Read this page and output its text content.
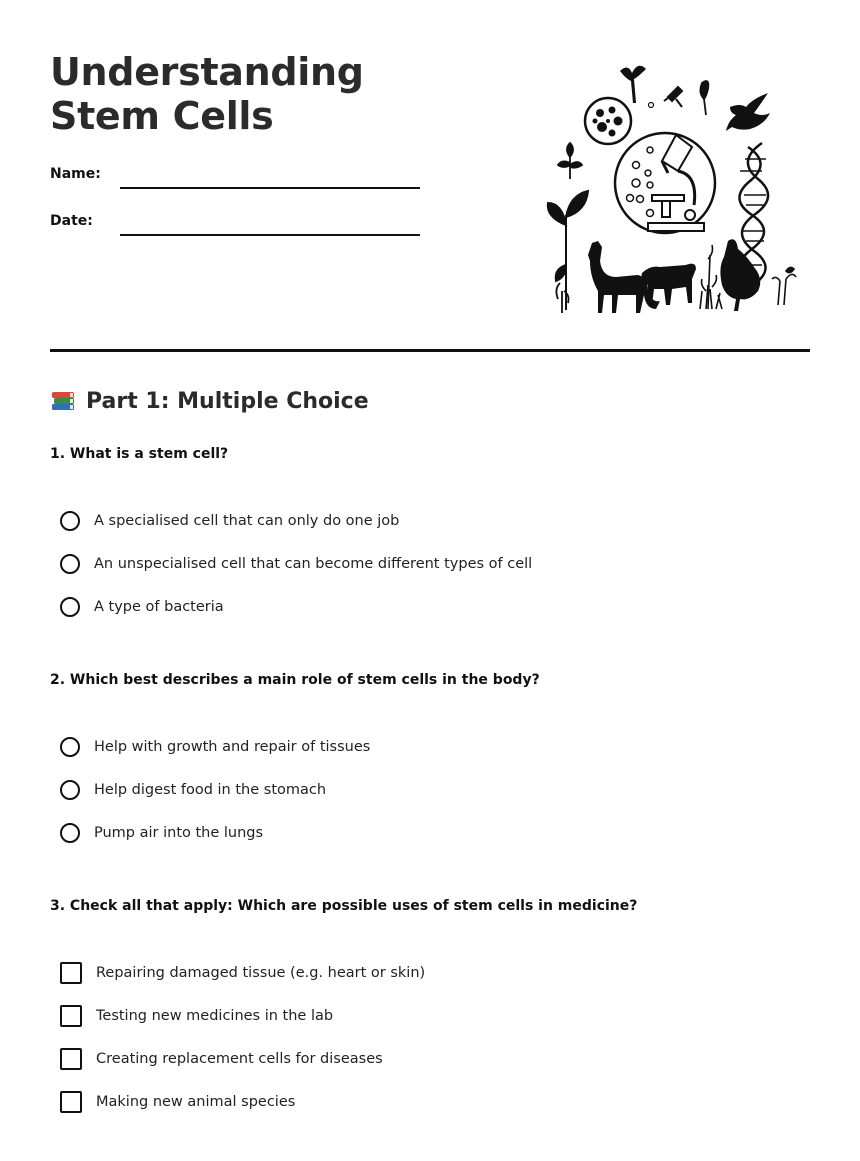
Understanding Stem Cells
Name:
Date:
Part 1: Multiple Choice

1. What is a stem cell?

A specialised cell that can only do one job
An unspecialised cell that can become different types of cell
A type of bacteria

2. Which best describes a main role of stem cells in the body?

Help with growth and repair of tissues
Help digest food in the stomach
Pump air into the lungs

3. Check all that apply: Which are possible uses of stem cells in medicine?

Repairing damaged tissue (e.g. heart or skin)
Testing new medicines in the lab
Creating replacement cells for diseases
Making new animal species
